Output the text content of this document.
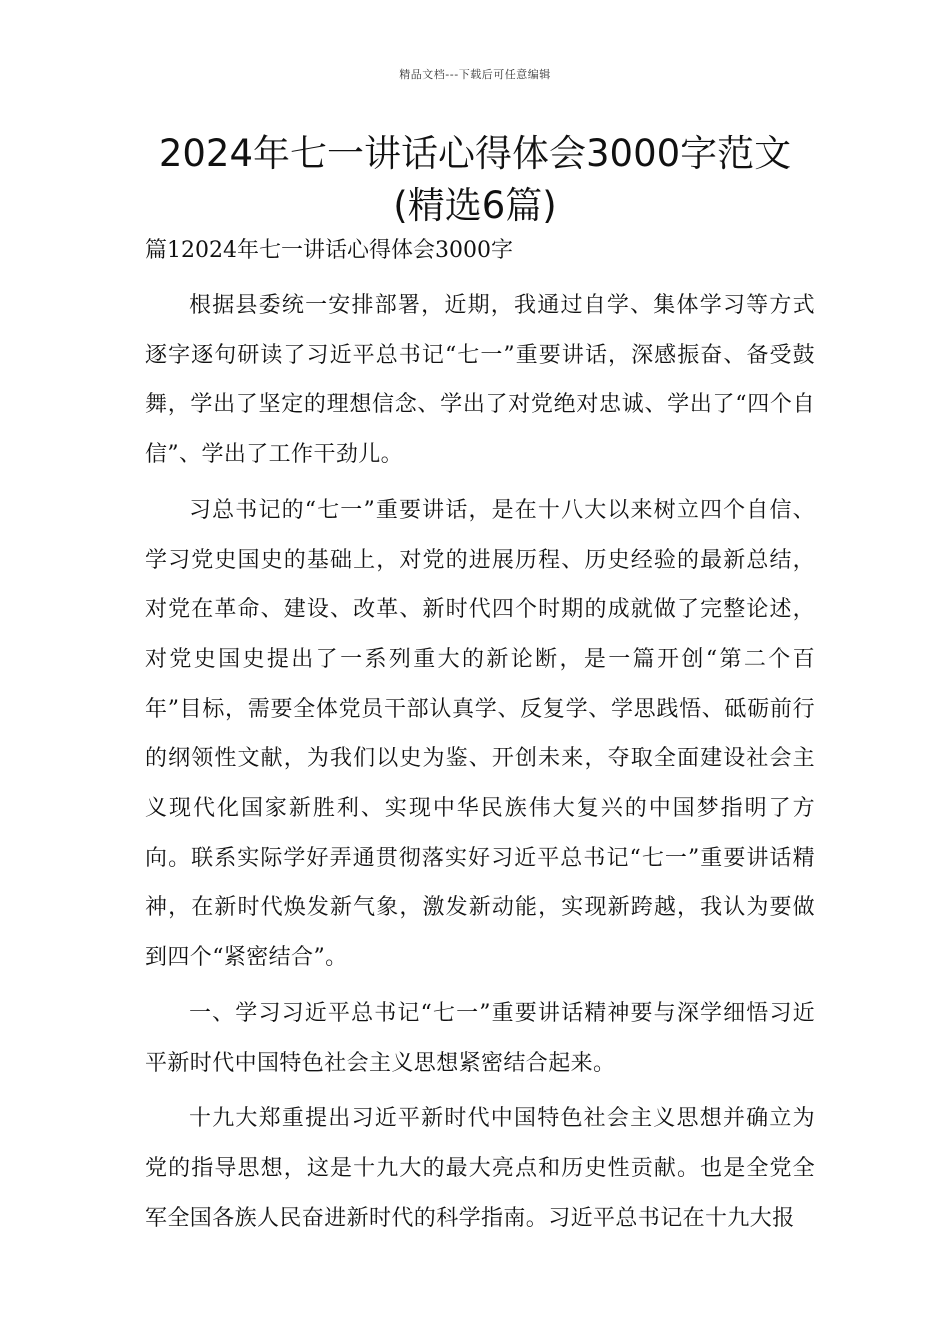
精品文档---下载后可任意编辑
2024年七一讲话心得体会3000字范文
(精选6篇)
篇12024年七一讲话心得体会3000字

根据县委统一安排部署，近期，我通过自学、集体学习等方式逐字逐句研读了习近平总书记“七一”重要讲话，深感振奋、备受鼓舞，学出了坚定的理想信念、学出了对党绝对忠诚、学出了“四个自信”、学出了工作干劲儿。

习总书记的“七一”重要讲话，是在十八大以来树立四个自信、学习党史国史的基础上，对党的进展历程、历史经验的最新总结，对党在革命、建设、改革、新时代四个时期的成就做了完整论述，对党史国史提出了一系列重大的新论断，是一篇开创“第二个百年”目标，需要全体党员干部认真学、反复学、学思践悟、砥砺前行的纲领性文献，为我们以史为鉴、开创未来，夺取全面建设社会主义现代化国家新胜利、实现中华民族伟大复兴的中国梦指明了方向。联系实际学好弄通贯彻落实好习近平总书记“七一”重要讲话精神，在新时代焕发新气象，激发新动能，实现新跨越，我认为要做到四个“紧密结合”。

一、学习习近平总书记“七一”重要讲话精神要与深学细悟习近平新时代中国特色社会主义思想紧密结合起来。

十九大郑重提出习近平新时代中国特色社会主义思想并确立为党的指导思想，这是十九大的最大亮点和历史性贡献。也是全党全军全国各族人民奋进新时代的科学指南。习近平总书记在十九大报
